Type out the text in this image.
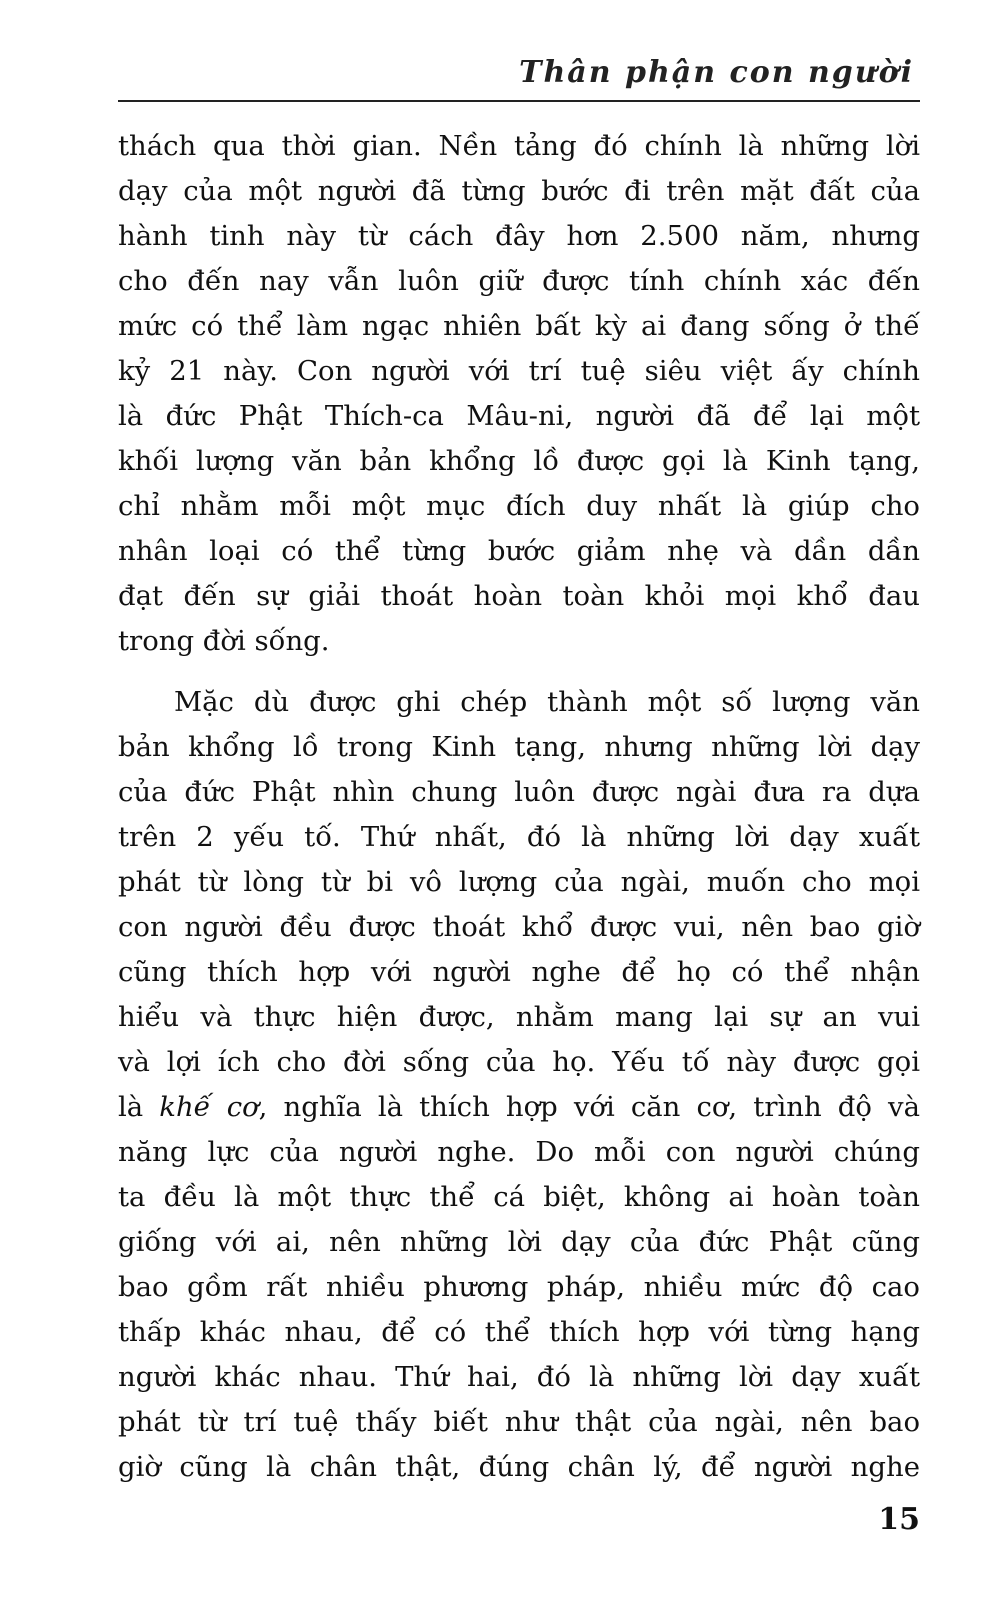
Thân phận con người
thách qua thời gian. Nền tảng đó chính là những lời
dạy của một người đã từng bước đi trên mặt đất của
hành tinh này từ cách đây hơn 2.500 năm, nhưng
cho đến nay vẫn luôn giữ được tính chính xác đến
mức có thể làm ngạc nhiên bất kỳ ai đang sống ở thế
kỷ 21 này. Con người với trí tuệ siêu việt ấy chính
là đức Phật Thích-ca Mâu-ni, người đã để lại một
khối lượng văn bản khổng lồ được gọi là Kinh tạng,
chỉ nhằm mỗi một mục đích duy nhất là giúp cho
nhân loại có thể từng bước giảm nhẹ và dần dần
đạt đến sự giải thoát hoàn toàn khỏi mọi khổ đau
trong đời sống.
Mặc dù được ghi chép thành một số lượng văn
bản khổng lồ trong Kinh tạng, nhưng những lời dạy
của đức Phật nhìn chung luôn được ngài đưa ra dựa
trên 2 yếu tố. Thứ nhất, đó là những lời dạy xuất
phát từ lòng từ bi vô lượng của ngài, muốn cho mọi
con người đều được thoát khổ được vui, nên bao giờ
cũng thích hợp với người nghe để họ có thể nhận
hiểu và thực hiện được, nhằm mang lại sự an vui
và lợi ích cho đời sống của họ. Yếu tố này được gọi
là khế cơ, nghĩa là thích hợp với căn cơ, trình độ và
năng lực của người nghe. Do mỗi con người chúng
ta đều là một thực thể cá biệt, không ai hoàn toàn
giống với ai, nên những lời dạy của đức Phật cũng
bao gồm rất nhiều phương pháp, nhiều mức độ cao
thấp khác nhau, để có thể thích hợp với từng hạng
người khác nhau. Thứ hai, đó là những lời dạy xuất
phát từ trí tuệ thấy biết như thật của ngài, nên bao
giờ cũng là chân thật, đúng chân lý, để người nghe
15
